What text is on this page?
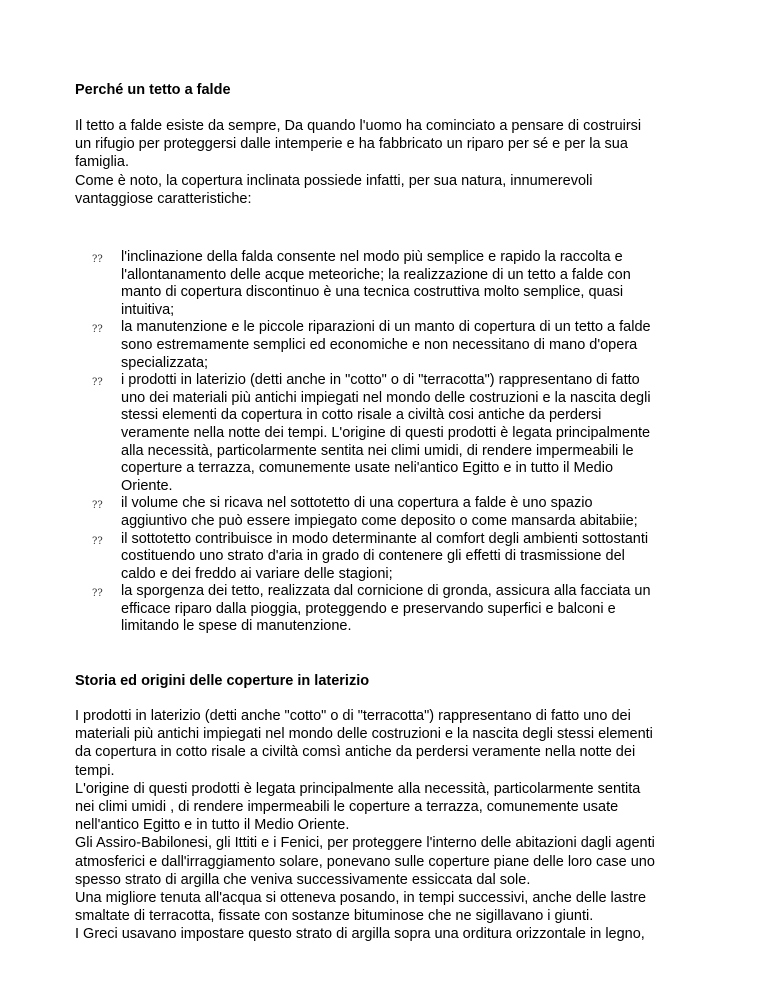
Perché un tetto a falde
Il tetto a falde esiste da sempre, Da quando l'uomo ha cominciato a pensare di costruirsi
un rifugio per proteggersi dalle intemperie e ha fabbricato un riparo per sé e per la sua
famiglia.
Come è noto, la copertura inclinata possiede infatti, per sua natura, innumerevoli
vantaggiose caratteristiche:
?? l'inclinazione della falda consente nel modo più semplice e rapido la raccolta e
l'allontanamento delle acque meteoriche; la realizzazione di un tetto a falde con
manto di copertura discontinuo è una tecnica costruttiva molto semplice, quasi
intuitiva;
?? la manutenzione e le piccole riparazioni di un manto di copertura di un tetto a falde
sono estremamente semplici ed economiche e non necessitano di mano d'opera
specializzata;
?? i prodotti in laterizio (detti anche in "cotto" o di "terracotta") rappresentano di fatto
uno dei materiali più antichi impiegati nel mondo delle costruzioni e la nascita degli
stessi elementi da copertura in cotto risale a civiltà cosi antiche da perdersi
veramente nella notte dei tempi. L'origine di questi prodotti è legata principalmente
alla necessità, particolarmente sentita nei climi umidi, di rendere impermeabili le
coperture a terrazza, comunemente usate neli'antico Egitto e in tutto il Medio
Oriente.
?? il volume che si ricava nel sottotetto di una copertura a falde è uno spazio
aggiuntivo che può essere impiegato come deposito o come mansarda abitabiie;
?? il sottotetto contribuisce in modo determinante al comfort degli ambienti sottostanti
costituendo uno strato d'aria in grado di contenere gli effetti di trasmissione del
caldo e dei freddo ai variare delle stagioni;
?? la sporgenza dei tetto, realizzata dal cornicione di gronda, assicura alla facciata un
efficace riparo dalla pioggia, proteggendo e preservando superfici e balconi e
limitando le spese di manutenzione.
Storia ed origini delle coperture in laterizio
I prodotti in laterizio (detti anche "cotto" o di "terracotta") rappresentano di fatto uno dei
materiali più antichi impiegati nel mondo delle costruzioni e la nascita degli stessi elementi
da copertura in cotto risale a civiltà comsì antiche da perdersi veramente nella notte dei
tempi.
L'origine di questi prodotti è legata principalmente alla necessità, particolarmente sentita
nei climi umidi , di rendere impermeabili le coperture a terrazza, comunemente usate
nell'antico Egitto e in tutto il Medio Oriente.
Gli Assiro-Babilonesi, gli Ittiti e i Fenici, per proteggere l'interno delle abitazioni dagli agenti
atmosferici e dall'irraggiamento solare, ponevano sulle coperture piane delle loro case uno
spesso strato di argilla che veniva successivamente essiccata dal sole.
Una migliore tenuta all'acqua si otteneva posando, in tempi successivi, anche delle lastre
smaltate di terracotta, fissate con sostanze bituminose che ne sigillavano i giunti.
I Greci usavano impostare questo strato di argilla sopra una orditura orizzontale in legno,
